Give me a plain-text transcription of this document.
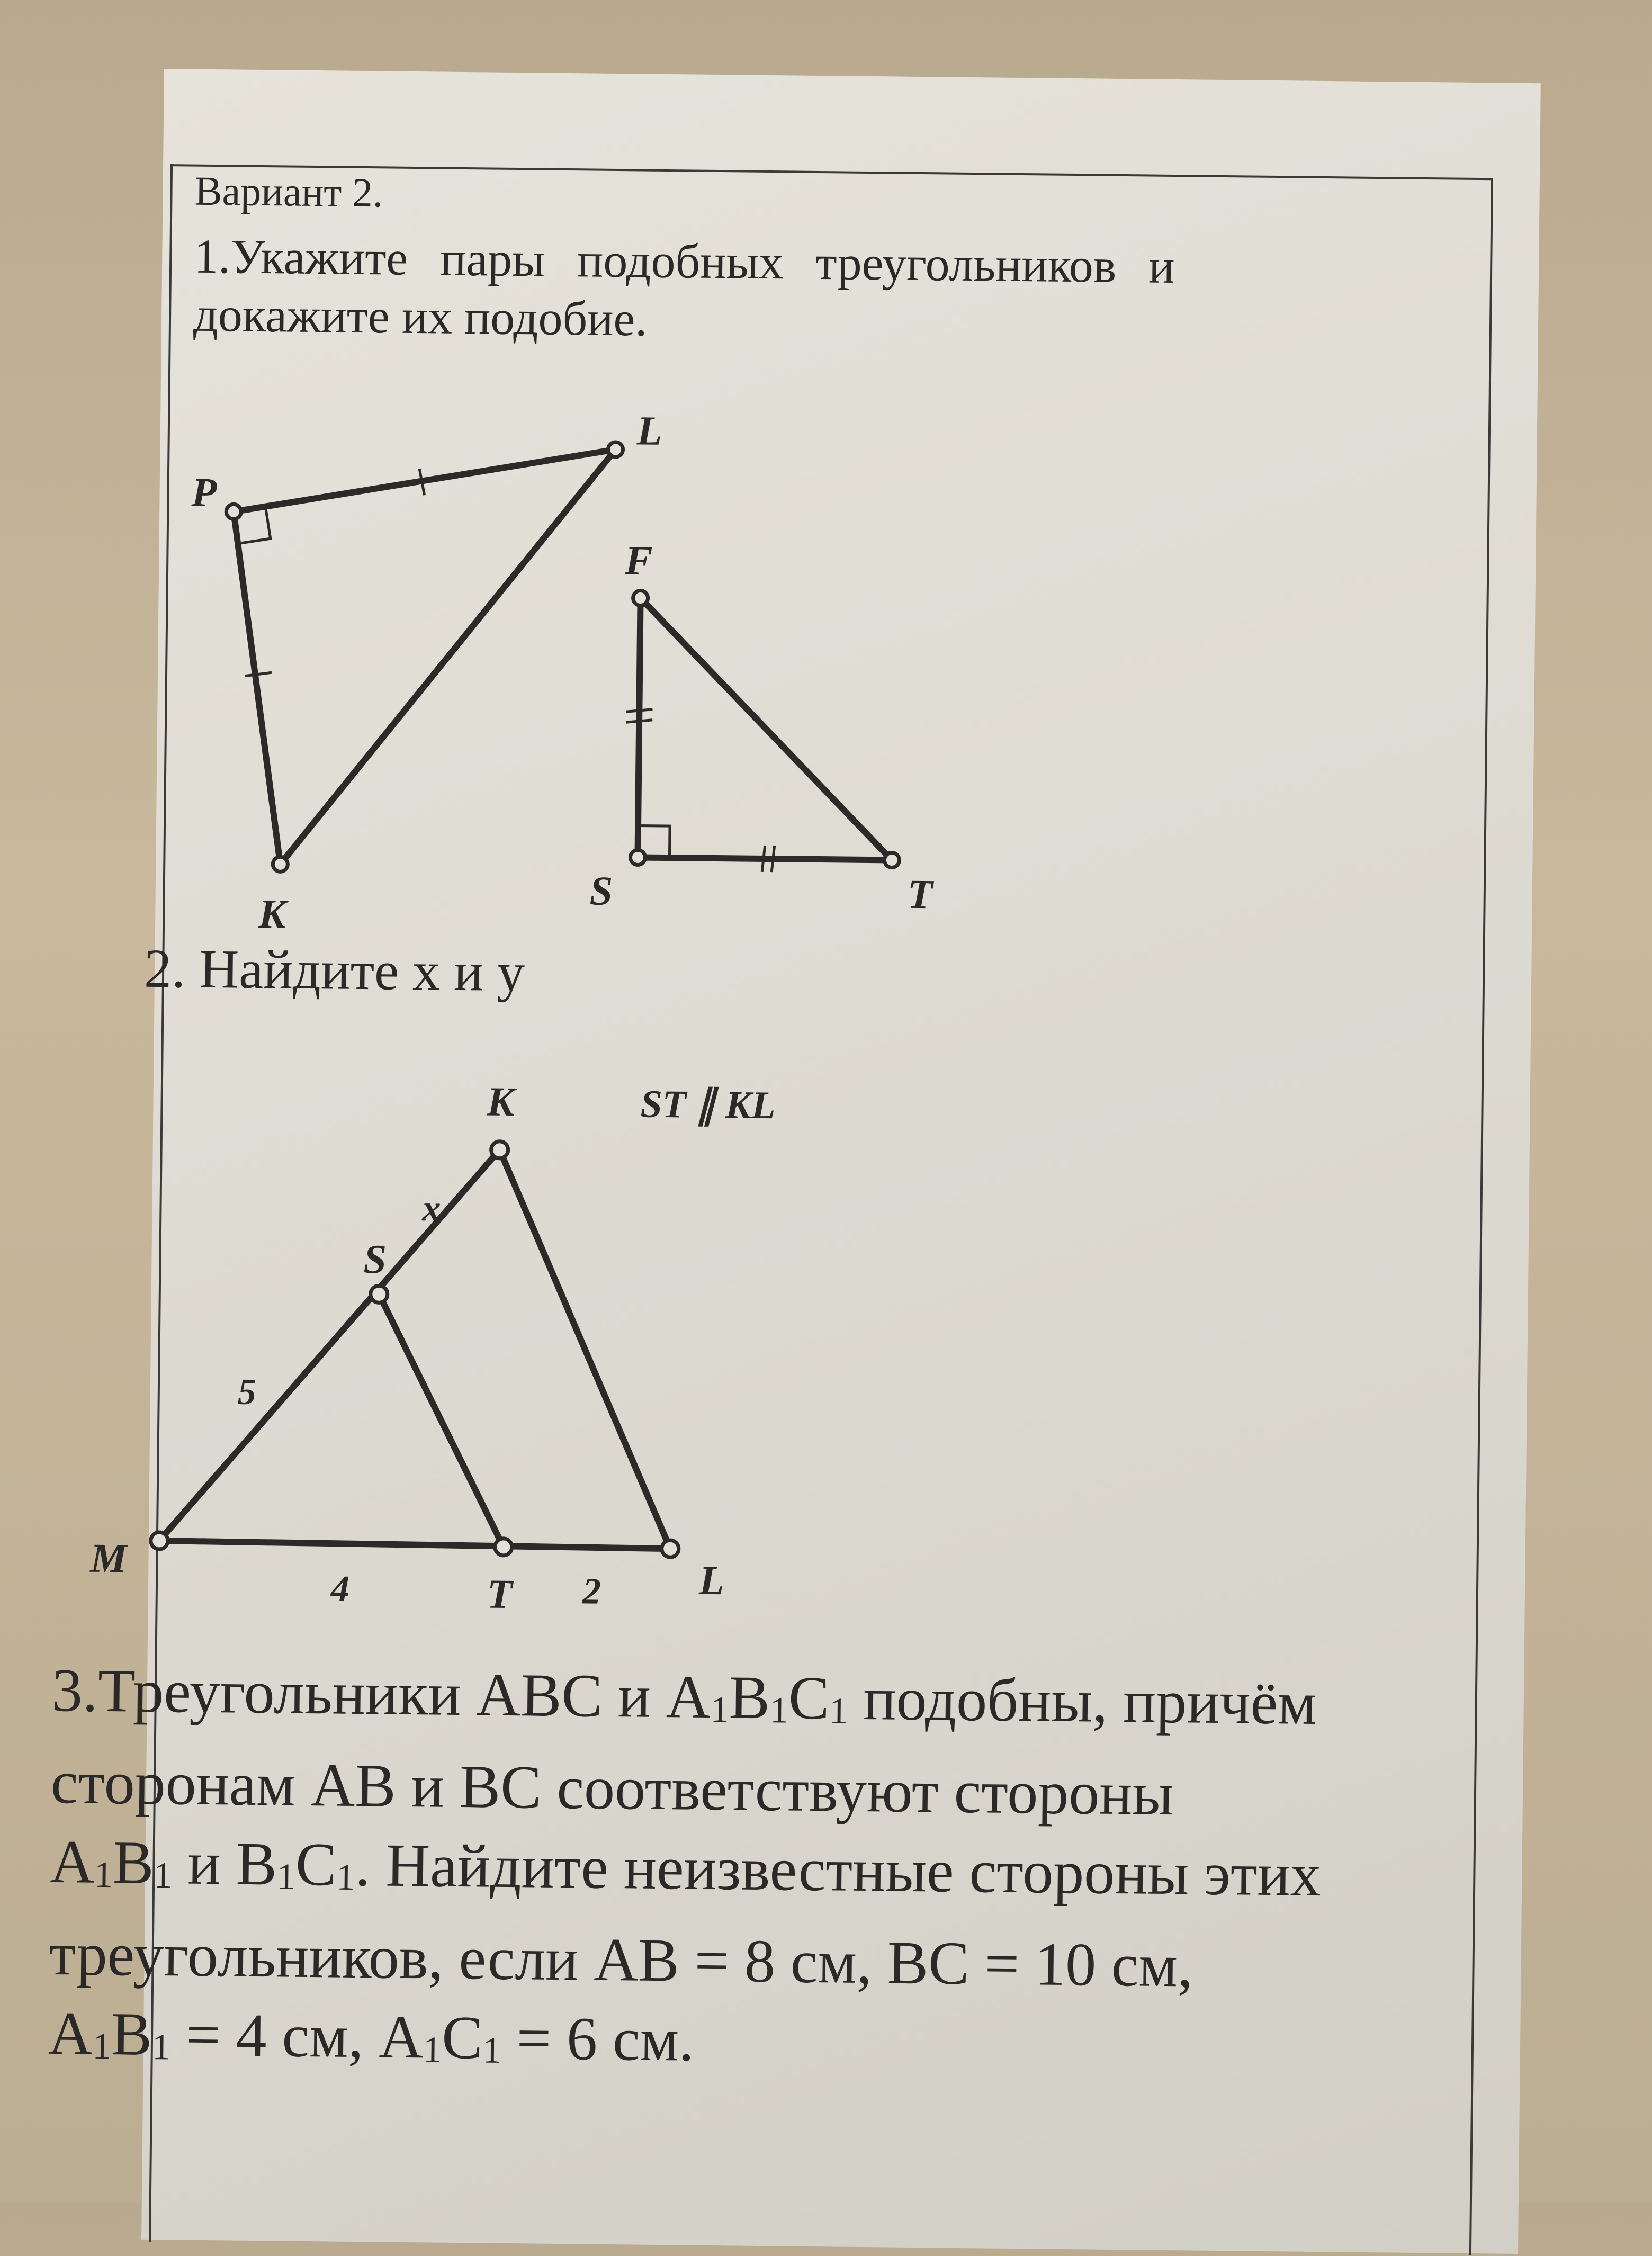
Вариант 2.
1.Укажите пары подобных треугольников и
докажите их подобие.
P
L
K
F
S	T
2. Найдите x и y
K
S
M
T	L
ST ∥ KL
x
5
4	2

3.Треугольники ABC и A1B1C1 подобны, причём

сторонам AB и BC соответствуют стороны

A1B1 и B1C1. Найдите неизвестные стороны этих

треугольников, если AB = 8 см, BC = 10 см,

A1B1 = 4 см, A1C1 = 6 см.
